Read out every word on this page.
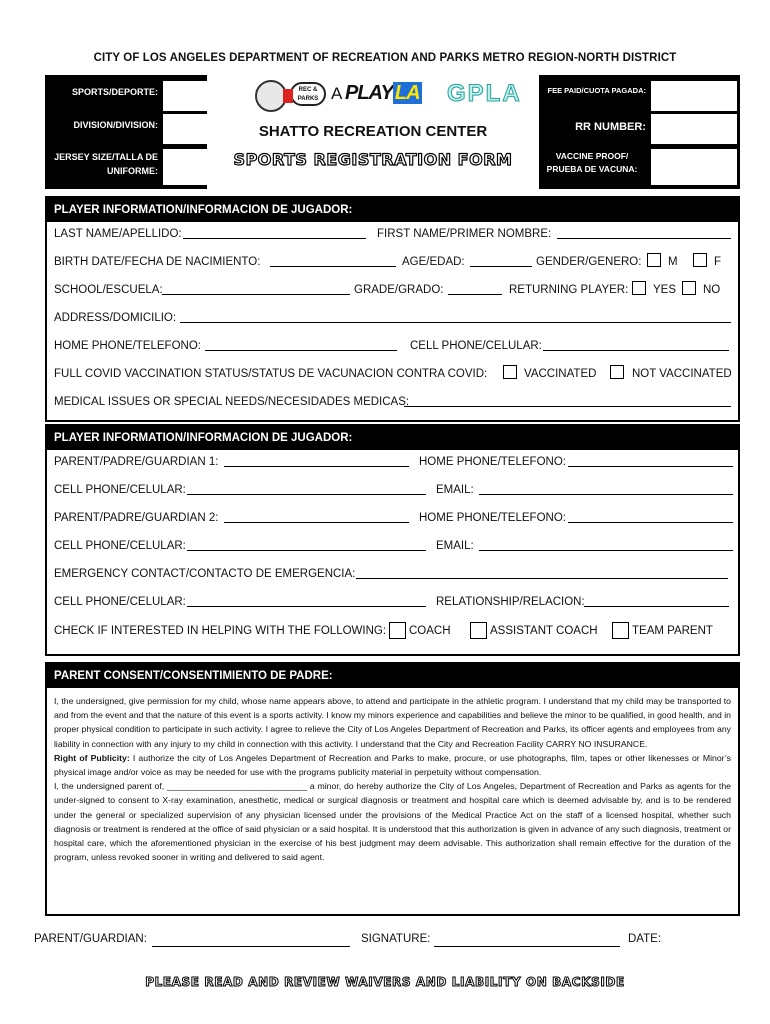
CITY OF LOS ANGELES DEPARTMENT OF RECREATION AND PARKS METRO REGION-NORTH DISTRICT
SPORTS/DEPORTE:
DIVISION/DIVISION:
JERSEY SIZE/TALLA DE
UNIFORME:
REC &
PARKS A PLAY LA GPLA
SHATTO RECREATION CENTER
SPORTS REGISTRATION FORM
FEE PAID/CUOTA PAGADA:
RR NUMBER:
VACCINE PROOF/
PRUEBA DE VACUNA:
PLAYER INFORMATION/INFORMACION DE JUGADOR:
LAST NAME/APELLIDO:	FIRST NAME/PRIMER NOMBRE:
BIRTH DATE/FECHA DE NACIMIENTO:	AGE/EDAD:	GENDER/GENERO: M	F
SCHOOL/ESCUELA:	GRADE/GRADO:	RETURNING PLAYER: YES NO
ADDRESS/DOMICILIO:
HOME PHONE/TELEFONO:	CELL PHONE/CELULAR:
FULL COVID VACCINATION STATUS/STATUS DE VACUNACION CONTRA COVID:	VACCINATED	NOT VACCINATED
MEDICAL ISSUES OR SPECIAL NEEDS/NECESIDADES MEDICAS:
PLAYER INFORMATION/INFORMACION DE JUGADOR:
PARENT/PADRE/GUARDIAN 1:	HOME PHONE/TELEFONO:
CELL PHONE/CELULAR:	EMAIL:
PARENT/PADRE/GUARDIAN 2:	HOME PHONE/TELEFONO:
CELL PHONE/CELULAR:	EMAIL:
EMERGENCY CONTACT/CONTACTO DE EMERGENCIA:
CELL PHONE/CELULAR:	RELATIONSHIP/RELACION:
CHECK IF INTERESTED IN HELPING WITH THE FOLLOWING: COACH	ASSISTANT COACH	TEAM PARENT
PARENT CONSENT/CONSENTIMIENTO DE PADRE:
I, the undersigned, give permission for my child, whose name appears above, to attend and participate in the athletic program. I understand that my child may be transported to and from the event and that the nature of this event is a sports activity. I know my minors experience and capabilities and believe the minor to be qualified, in good health, and in proper physical condition to participate in such activity. I agree to relieve the City of Los Angeles Department of Recreation and Parks, its officer agents and employees from any liability in connection with any injury to my child in connection with this activity. I understand that the City and Recreation Facility CARRY NO INSURANCE.
Right of Publicity: I authorize the city of Los Angeles Department of Recreation and Parks to make, procure, or use photographs, film, tapes or other likenesses or Minor’s physical image and/or voice as may be needed for use with the programs publicity material in perpetuity without compensation.
I, the undersigned parent of, _____________________________ a minor, do hereby authorize the City of Los Angeles, Department of Recreation and Parks as agents for the under-signed to consent to X-ray examination, anesthetic, medical or surgical diagnosis or treatment and hospital care which is deemed advisable by, and is to be rendered under the general or specialized supervision of any physician licensed under the provisions of the Medical Practice Act on the staff of a licensed hospital, whether such diagnosis or treatment is rendered at the office of said physician or a said hospital. It is understood that this authorization is given in advance of any such diagnosis, treatment or hospital care, which the aforementioned physician in the exercise of his best judgment may deem advisable. This authorization shall remain effective for the duration of the program, unless revoked sooner in writing and delivered to said agent.
PARENT/GUARDIAN:	SIGNATURE:	DATE:
PLEASE READ AND REVIEW WAIVERS AND LIABILITY ON BACKSIDE
